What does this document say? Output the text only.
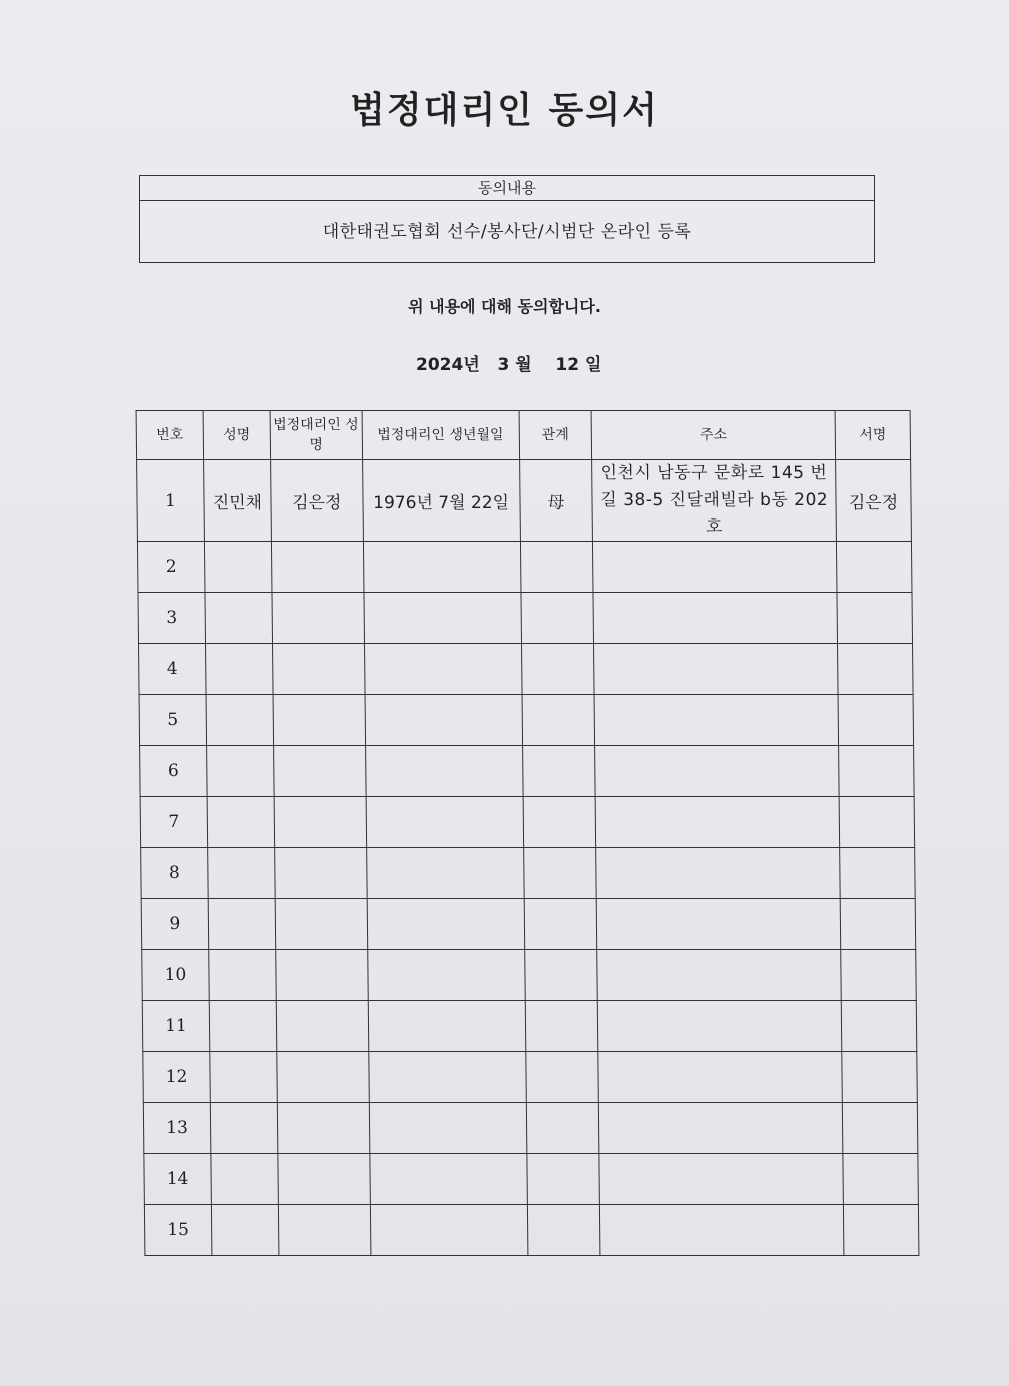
법정대리인 동의서
동의내용
대한태권도협회 선수/봉사단/시범단 온라인 등록
위 내용에 대해 동의합니다.
2024년 3 월 12 일
번호	성명	법정대리인 성명	법정대리인 생년월일	관계	주소	서명
1	진민채	김은정	1976년 7월 22일	母	인천시 남동구 문화로 145 번길 38-5 진달래빌라 b동 202호	김은정
2						
3						
4						
5						
6						
7						
8						
9						
10						
11						
12						
13						
14						
15						
